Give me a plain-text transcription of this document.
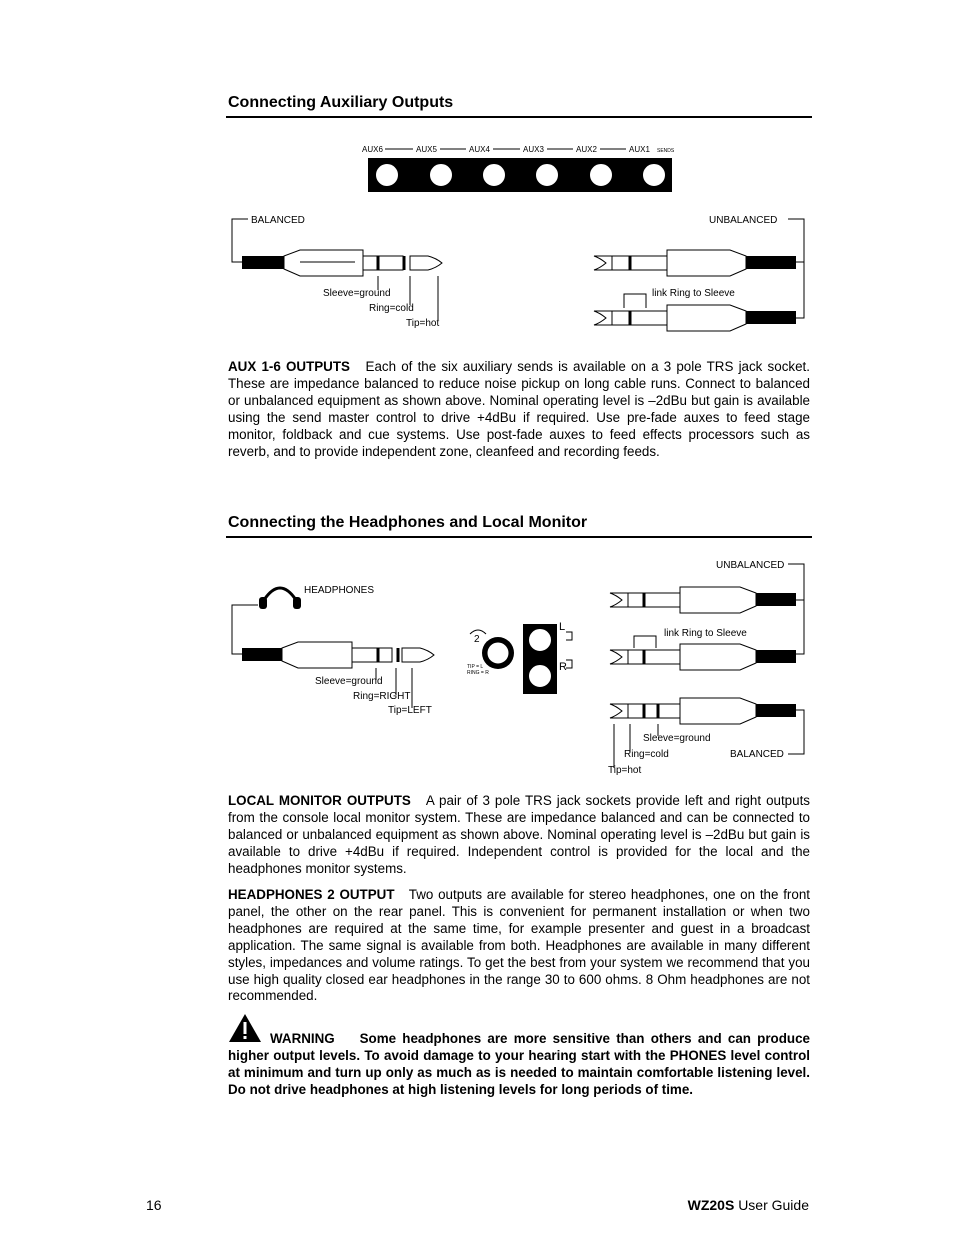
Connecting Auxiliary Outputs
AUX6	AUX5	AUX4	AUX3	AUX2	AUX1 SENDS
BALANCED
Sleeve=ground
Ring=cold
Tip=hot
UNBALANCED
link Ring to Sleeve
AUX 1-6 OUTPUTS Each of the six auxiliary sends is available on a 3 pole TRS jack socket. These are impedance balanced to reduce noise pickup on long cable runs. Connect to balanced or unbalanced equipment as shown above. Nominal operating level is –2dBu but gain is available using the send master control to drive +4dBu if required. Use pre-fade auxes to feed stage monitor, foldback and cue systems. Use post-fade auxes to feed effects processors such as reverb, and to provide independent zone, cleanfeed and recording feeds.
Connecting the Headphones and Local Monitor
HEADPHONES
Sleeve=ground
Ring=RIGHT
Tip=LEFT
2
TIP = L
RING = R
L
R
UNBALANCED
link Ring to Sleeve
Sleeve=ground
Ring=cold
Tip=hot
BALANCED
LOCAL MONITOR OUTPUTS A pair of 3 pole TRS jack sockets provide left and right outputs from the console local monitor system. These are impedance balanced and can be connected to balanced or unbalanced equipment as shown above. Nominal operating level is –2dBu but gain is available to drive +4dBu if required. Independent control is provided for the local and the headphones monitor systems.
HEADPHONES 2 OUTPUT Two outputs are available for stereo headphones, one on the front panel, the other on the rear panel. This is convenient for permanent installation or when two headphones are required at the same time, for example presenter and guest in a broadcast application. The same signal is available from both. Headphones are available in many different styles, impedances and volume ratings. To get the best from your system we recommend that you use high quality closed ear headphones in the range 30 to 600 ohms. 8 Ohm headphones are not recommended.
WARNING Some headphones are more sensitive than others and can produce higher output levels. To avoid damage to your hearing start with the PHONES level control at minimum and turn up only as much as is needed to maintain comfortable listening level. Do not drive headphones at high listening levels for long periods of time.
16	WZ20S User Guide
